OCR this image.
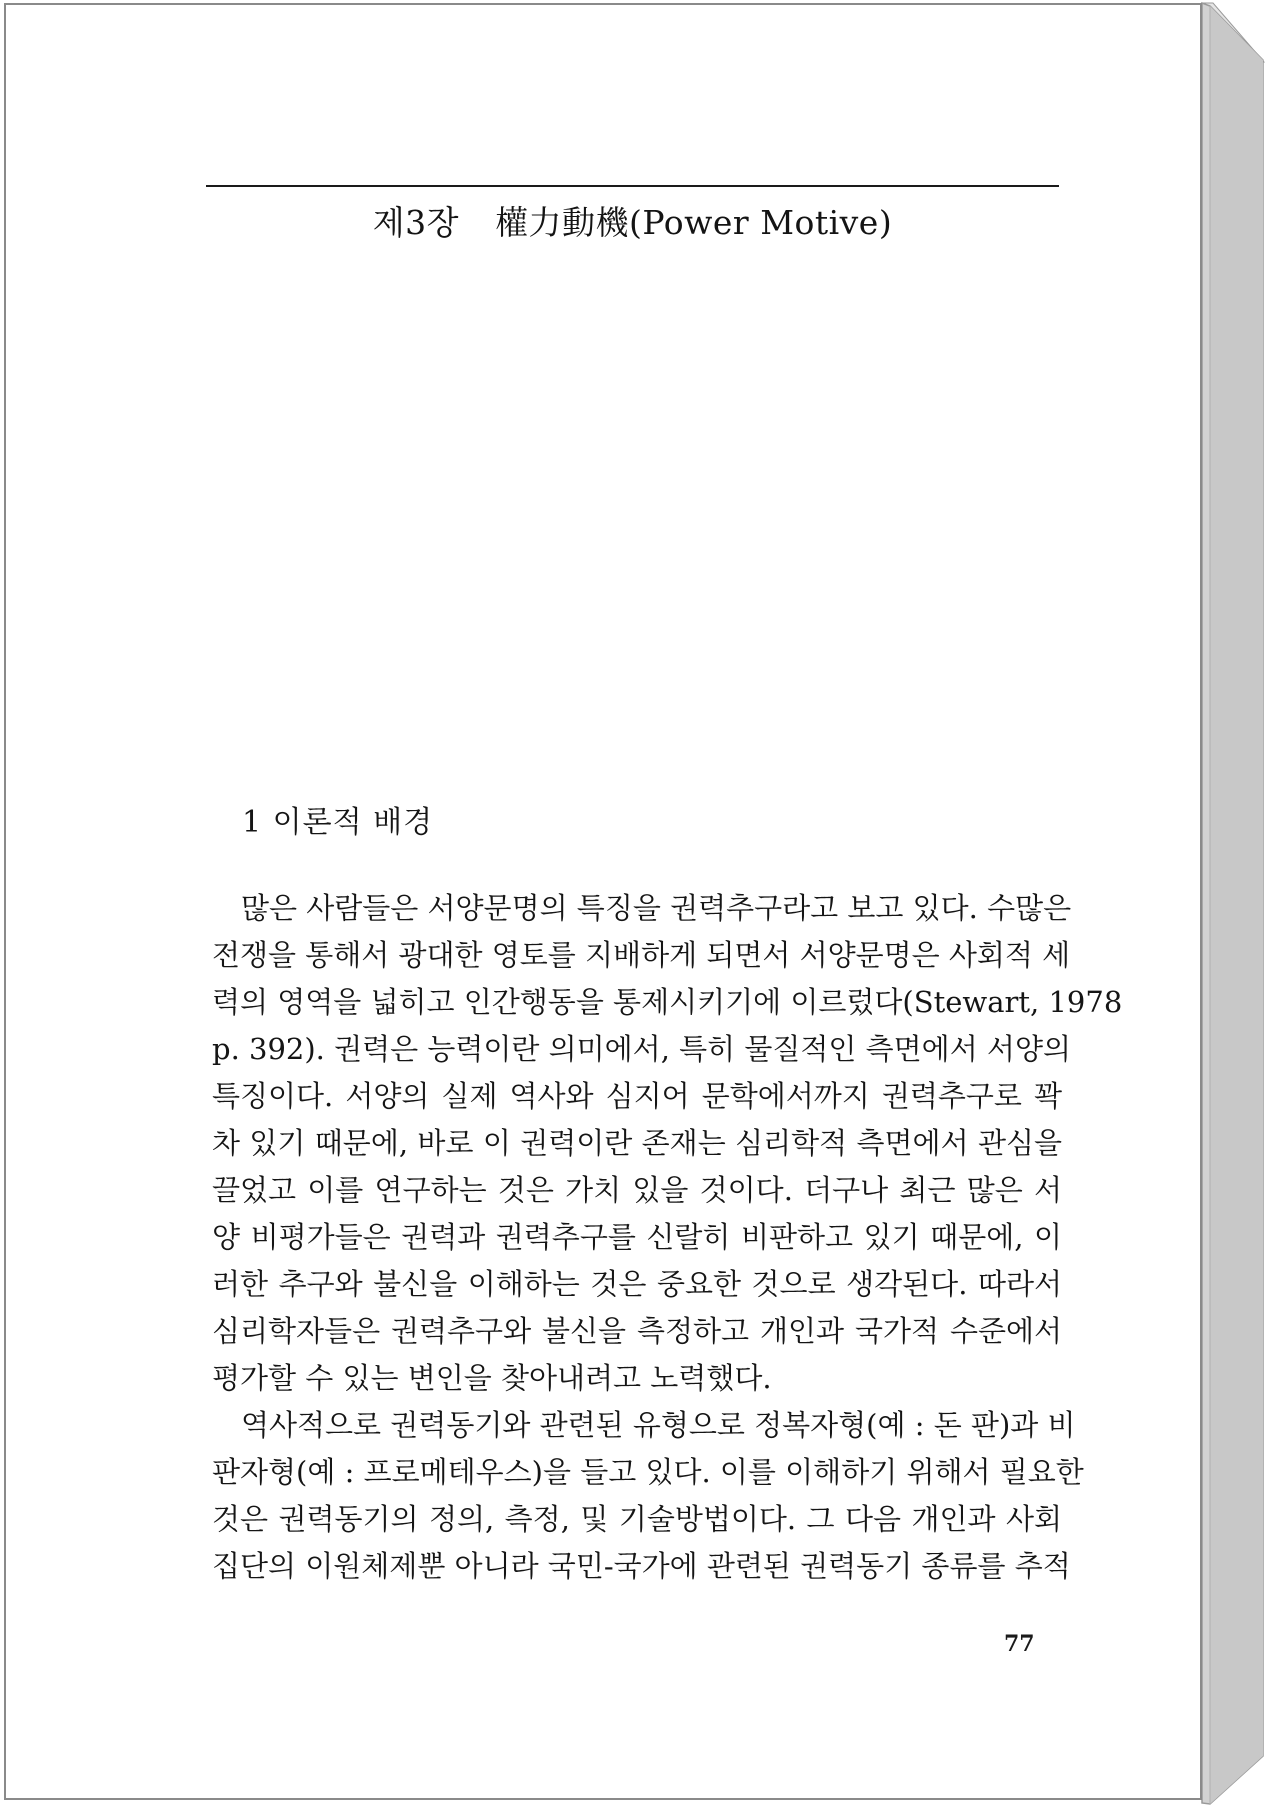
제3장 權力動機(Power Motive)
1 이론적 배경
많은 사람들은 서양문명의 특징을 권력추구라고 보고 있다. 수많은
전쟁을 통해서 광대한 영토를 지배하게 되면서 서양문명은 사회적 세
력의 영역을 넓히고 인간행동을 통제시키기에 이르렀다(Stewart, 1978
p. 392). 권력은 능력이란 의미에서, 특히 물질적인 측면에서 서양의
특징이다. 서양의 실제 역사와 심지어 문학에서까지 권력추구로 꽉
차 있기 때문에, 바로 이 권력이란 존재는 심리학적 측면에서 관심을
끌었고 이를 연구하는 것은 가치 있을 것이다. 더구나 최근 많은 서
양 비평가들은 권력과 권력추구를 신랄히 비판하고 있기 때문에, 이
러한 추구와 불신을 이해하는 것은 중요한 것으로 생각된다. 따라서
심리학자들은 권력추구와 불신을 측정하고 개인과 국가적 수준에서
평가할 수 있는 변인을 찾아내려고 노력했다.
역사적으로 권력동기와 관련된 유형으로 정복자형(예 : 돈 판)과 비
판자형(예 : 프로메테우스)을 들고 있다. 이를 이해하기 위해서 필요한
것은 권력동기의 정의, 측정, 및 기술방법이다. 그 다음 개인과 사회
집단의 이원체제뿐 아니라 국민-국가에 관련된 권력동기 종류를 추적
77
